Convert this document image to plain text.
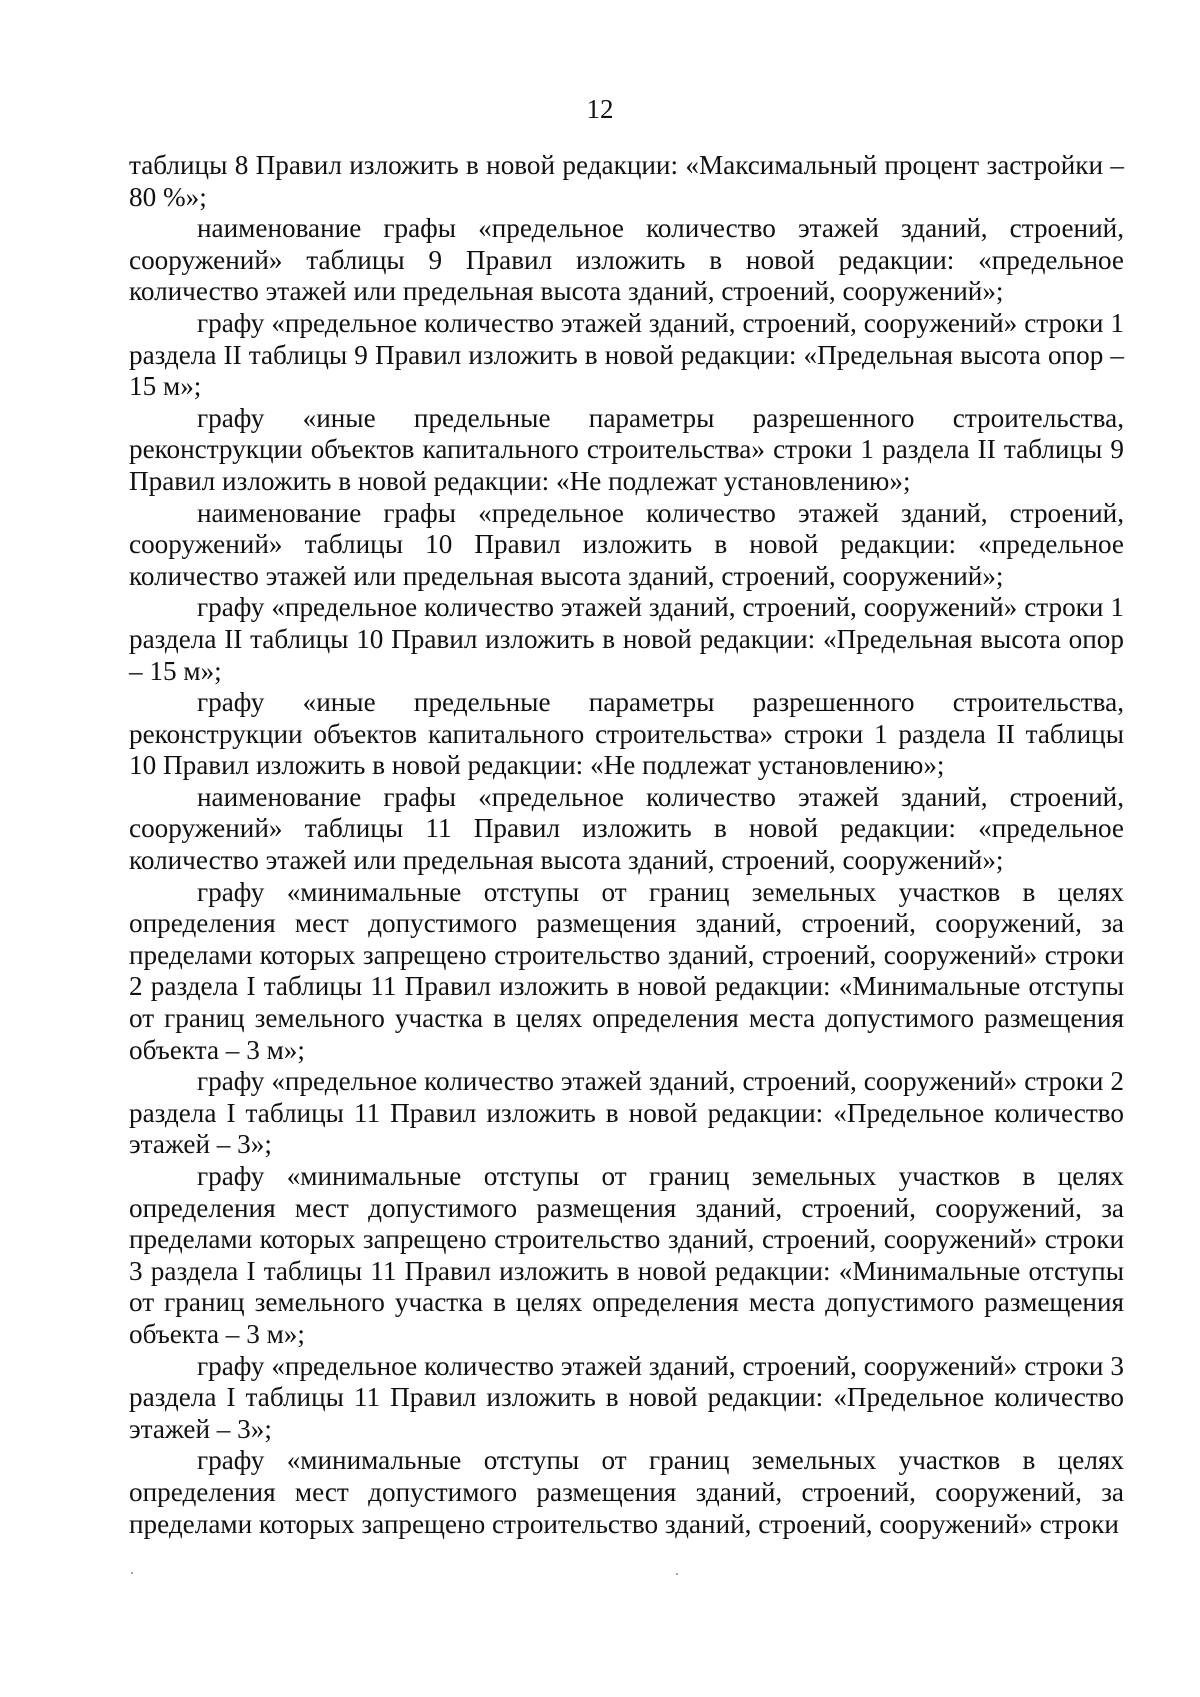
12

таблицы 8 Правил изложить в новой редакции: «Максимальный процент застройки – 80 %»;

наименование графы «предельное количество этажей зданий, строений, сооружений» таблицы 9 Правил изложить в новой редакции: «предельное количество этажей или предельная высота зданий, строений, сооружений»;

графу «предельное количество этажей зданий, строений, сооружений» строки 1 раздела II таблицы 9 Правил изложить в новой редакции: «Предельная высота опор – 15 м»;

графу «иные предельные параметры разрешенного строительства, реконструкции объектов капитального строительства» строки 1 раздела II таблицы 9 Правил изложить в новой редакции: «Не подлежат установлению»;

наименование графы «предельное количество этажей зданий, строений, сооружений» таблицы 10 Правил изложить в новой редакции: «предельное количество этажей или предельная высота зданий, строений, сооружений»;

графу «предельное количество этажей зданий, строений, сооружений» строки 1 раздела II таблицы 10 Правил изложить в новой редакции: «Предельная высота опор – 15 м»;

графу «иные предельные параметры разрешенного строительства, реконструкции объектов капитального строительства» строки 1 раздела II таблицы 10 Правил изложить в новой редакции: «Не подлежат установлению»;

наименование графы «предельное количество этажей зданий, строений, сооружений» таблицы 11 Правил изложить в новой редакции: «предельное количество этажей или предельная высота зданий, строений, сооружений»;

графу «минимальные отступы от границ земельных участков в целях определения мест допустимого размещения зданий, строений, сооружений, за пределами которых запрещено строительство зданий, строений, сооружений» строки 2 раздела I таблицы 11 Правил изложить в новой редакции: «Минимальные отступы от границ земельного участка в целях определения места допустимого размещения объекта – 3 м»;

графу «предельное количество этажей зданий, строений, сооружений» строки 2 раздела I таблицы 11 Правил изложить в новой редакции: «Предельное количество этажей – 3»;

графу «минимальные отступы от границ земельных участков в целях определения мест допустимого размещения зданий, строений, сооружений, за пределами которых запрещено строительство зданий, строений, сооружений» строки 3 раздела I таблицы 11 Правил изложить в новой редакции: «Минимальные отступы от границ земельного участка в целях определения места допустимого размещения объекта – 3 м»;

графу «предельное количество этажей зданий, строений, сооружений» строки 3 раздела I таблицы 11 Правил изложить в новой редакции: «Предельное количество этажей – 3»;

графу «минимальные отступы от границ земельных участков в целях определения мест допустимого размещения зданий, строений, сооружений, за пределами которых запрещено строительство зданий, строений, сооружений» строки
